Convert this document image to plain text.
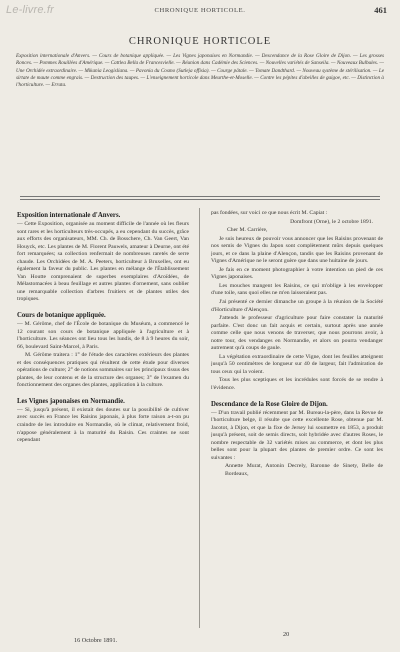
Le-livre.fr	CHRONIQUE HORTICOLE.	461
CHRONIQUE HORTICOLE
Exposition internationale d'Anvers. — Cours de botanique appliquée. — Les Vignes japonaises en Normandie. — Descendance de la Rose Gloire de Dijon. — Les grosses Ronces. — Pommes Rouillées d'Amérique. — Cattlea Bella de Francesvielle. — Réunion dans Cadémie des Sciences. — Nouvelles variétés de Sanseila. — Nouveaux Bulbules. — Une Orchidée extraordinaire. — Mikania Leogisliana. — Pavonia du Cosmo (Sutleja offisia). — Courge pâtale. — Tomate Dandthard. — Nouveau système de stérilisation. — Le sirtate de maute comme engrais. — Destruction des taupes. — L'enseignement horticole dans Meurthe-et-Moselle. — Contre les pépites d'abeilles de gaigoe, etc. — Distinction à l'horticulture. — Errata.

Exposition internationale d'Anvers.

— Cette Exposition, organisée au moment difficile de l'année où les fleurs sont rares et les horticulteurs très-occupés, a eu cependant du succès, grâce aux efforts des organisateurs, MM. Ch. de Bosschere, Ch. Van Geert, Van Houyck, etc. Les plantes de M. Florent Pauwels, amateur à Deurne, ont été fort remarquées; sa collection renfermait de nombreuses raretés de serre chaude. Les Orchidées de M. A. Peeters, horticulteur à Bruxelles, ont eu également la faveur du public. Les plantes en mélange de l'Établissement Van Houtte comprenaient de superbes exemplaires d'Aroïdées, de Mélastomacées à beau feuillage et autres plantes d'ornement, sans oublier une remarquable collection d'arbres fruitiers et de plantes utiles des tropiques.

Cours de botanique appliquée.

— M. Gérôme, chef de l'École de botanique du Muséum, a commencé le 12 courant son cours de botanique appliquée à l'agriculture et à l'horticulture. Les séances ont lieu tous les lundis, de 8 à 9 heures du soir, 66, boulevard Saint-Marcel, à Paris.

M. Gérôme traitera : 1° de l'étude des caractères extérieurs des plantes et des conséquences pratiques qui résultent de cette étude pour diverses opérations de culture; 2° de notions sommaires sur les principaux tissus des plantes, de leur contenu et de la structure des organes; 3° de l'examen du fonctionnement des organes des plantes, application à la culture.

Les Vignes japonaises en Normandie.

— Si, jusqu'à présent, il existait des doutes sur la possibilité de cultiver avec succès en France les Raisins japonais, à plus forte raison a-t-on pu craindre de les introduire en Normandie, où le climat, relativement froid, n'appose généralement à la maturité du Raisin. Ces craintes ne sont cependant

pas fondées, sur voici ce que nous écrit M. Capiat :

Domfront (Orne), le 2 octobre 1891.

Cher M. Carrière,

Je suis heureux de pouvoir vous annoncer que les Raisins provenant de nos semis de Vignes du Japon sont complètement mûrs depuis quelques jours, et ce dans la plaine d'Alençon, tandis que les Raisins provenant de Vignes d'Amérique ne le seront guère que dans une huitaine de jours.

Je fais en ce moment photographier à votre intention un pied de ces Vignes japonaises.

Les mouches mangent les Raisins, ce qui m'oblige à les envelopper d'une toile, sans quoi elles ne m'en laisseraient pas.

J'ai présenté ce dernier dimanche un groupe à la réunion de la Société d'Horticulture d'Alençon.

J'attends le professeur d'agriculture pour faire constater la maturité parfaite. C'est donc un fait acquis et certain, surtout après une année comme celle que nous venons de traverser, que nous pourrons avoir, à notre tour, des vendanges en Normandie, et alors on pourra vendanger autrement qu'à coups de gaule.

La végétation extraordinaire de cette Vigne, dont les feuilles atteignent jusqu'à 50 centimètres de longueur sur 40 de largeur, fait l'admiration de tous ceux qui la voient.

Tous les plus sceptiques et les incrédules sont forcés de se rendre à l'évidence.

Descendance de la Rose Gloire de Dijon.

— D'un travail publié récemment par M. Bureau-la-père, dans la Revue de l'horticulture belge, il résulte que cette excellente Rose, obtenue par M. Jacotot, à Dijon, et que la fixe de Jersey lui soumettre en 1853, a produit jusqu'à présent, soit de semis directs, soit hybridée avec d'autres Roses, le nombre respectable de 32 variétés mises au commerce, et dont les plus belles sont pour la plupart des plantes de premier ordre. Ce sont les suivantes :

Annette Murat, Antonin Decrely, Baronne de Sinety, Belle de Bordeaux,

16 Octobre 1891.
20
